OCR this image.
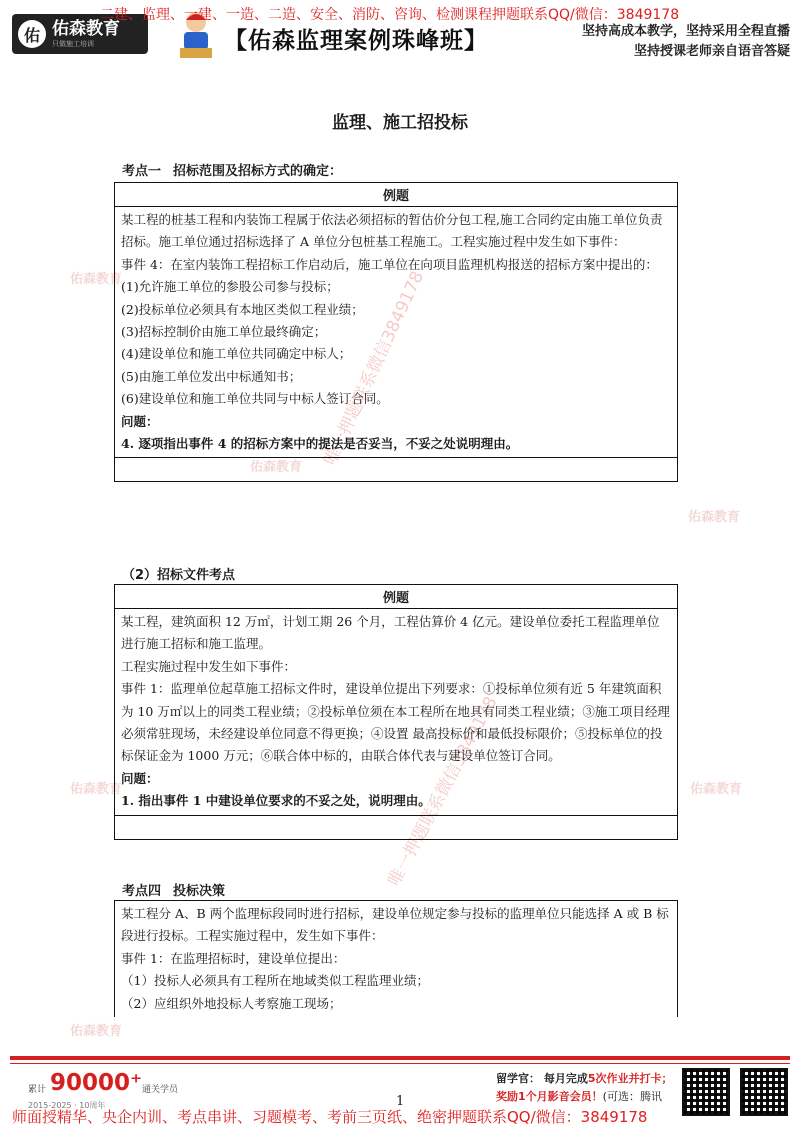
佑 佑森教育
只做施工培训
二建、监理、一建、一造、二造、安全、消防、咨询、检测课程押题联系QQ/微信：3849178
【佑森监理案例珠峰班】	坚持高成本教学，坚持采用全程直播
坚持授课老师亲自语音答疑
唯一押题联系微信3849178
唯一押题联系微信3849178
佑森教育
佑森教育
佑森教育
佑森教育	佑森教育
佑森教育
监理、施工招投标
考点一 招标范围及招标方式的确定：
例题

某工程的桩基工程和内装饰工程属于依法必须招标的暂估价分包工程,施工合同约定由施工单位负责招标。施工单位通过招标选择了 A 单位分包桩基工程施工。工程实施过程中发生如下事件：

事件 4：在室内装饰工程招标工作启动后，施工单位在向项目监理机构报送的招标方案中提出的：

(1)允许施工单位的参股公司参与投标；

(2)投标单位必须具有本地区类似工程业绩；

(3)招标控制价由施工单位最终确定；

(4)建设单位和施工单位共同确定中标人；

(5)由施工单位发出中标通知书；

(6)建设单位和施工单位共同与中标人签订合同。

问题：

4. 逐项指出事件 4 的招标方案中的提法是否妥当，不妥之处说明理由。

（2）招标文件考点
例题

某工程，建筑面积 12 万㎡，计划工期 26 个月，工程估算价 4 亿元。建设单位委托工程监理单位进行施工招标和施工监理。

工程实施过程中发生如下事件：

事件 1：监理单位起草施工招标文件时，建设单位提出下列要求：①投标单位须有近 5 年建筑面积为 10 万㎡以上的同类工程业绩；②投标单位须在本工程所在地具有同类工程业绩；③施工项目经理必须常驻现场，未经建设单位同意不得更换；④设置 最高投标价和最低投标限价；⑤投标单位的投标保证金为 1000 万元；⑥联合体中标的，由联合体代表与建设单位签订合同。

问题：

1. 指出事件 1 中建设单位要求的不妥之处，说明理由。

考点四 投标决策

某工程分 A、B 两个监理标段同时进行招标，建设单位规定参与投标的监理单位只能选择 A 或 B 标段进行投标。工程实施过程中，发生如下事件：

事件 1：在监理招标时，建设单位提出：

（1）投标人必须具有工程所在地域类似工程监理业绩；

（2）应组织外地投标人考察施工现场；

累计 90000⁺ 通关学员
2015-2025 · 10周年	1
留学官： 每月完成5次作业并打卡；
奖励1个月影音会员！(可选：腾讯
师面授精华、央企内训、考点串讲、习题模考、考前三页纸、绝密押题联系QQ/微信：3849178
